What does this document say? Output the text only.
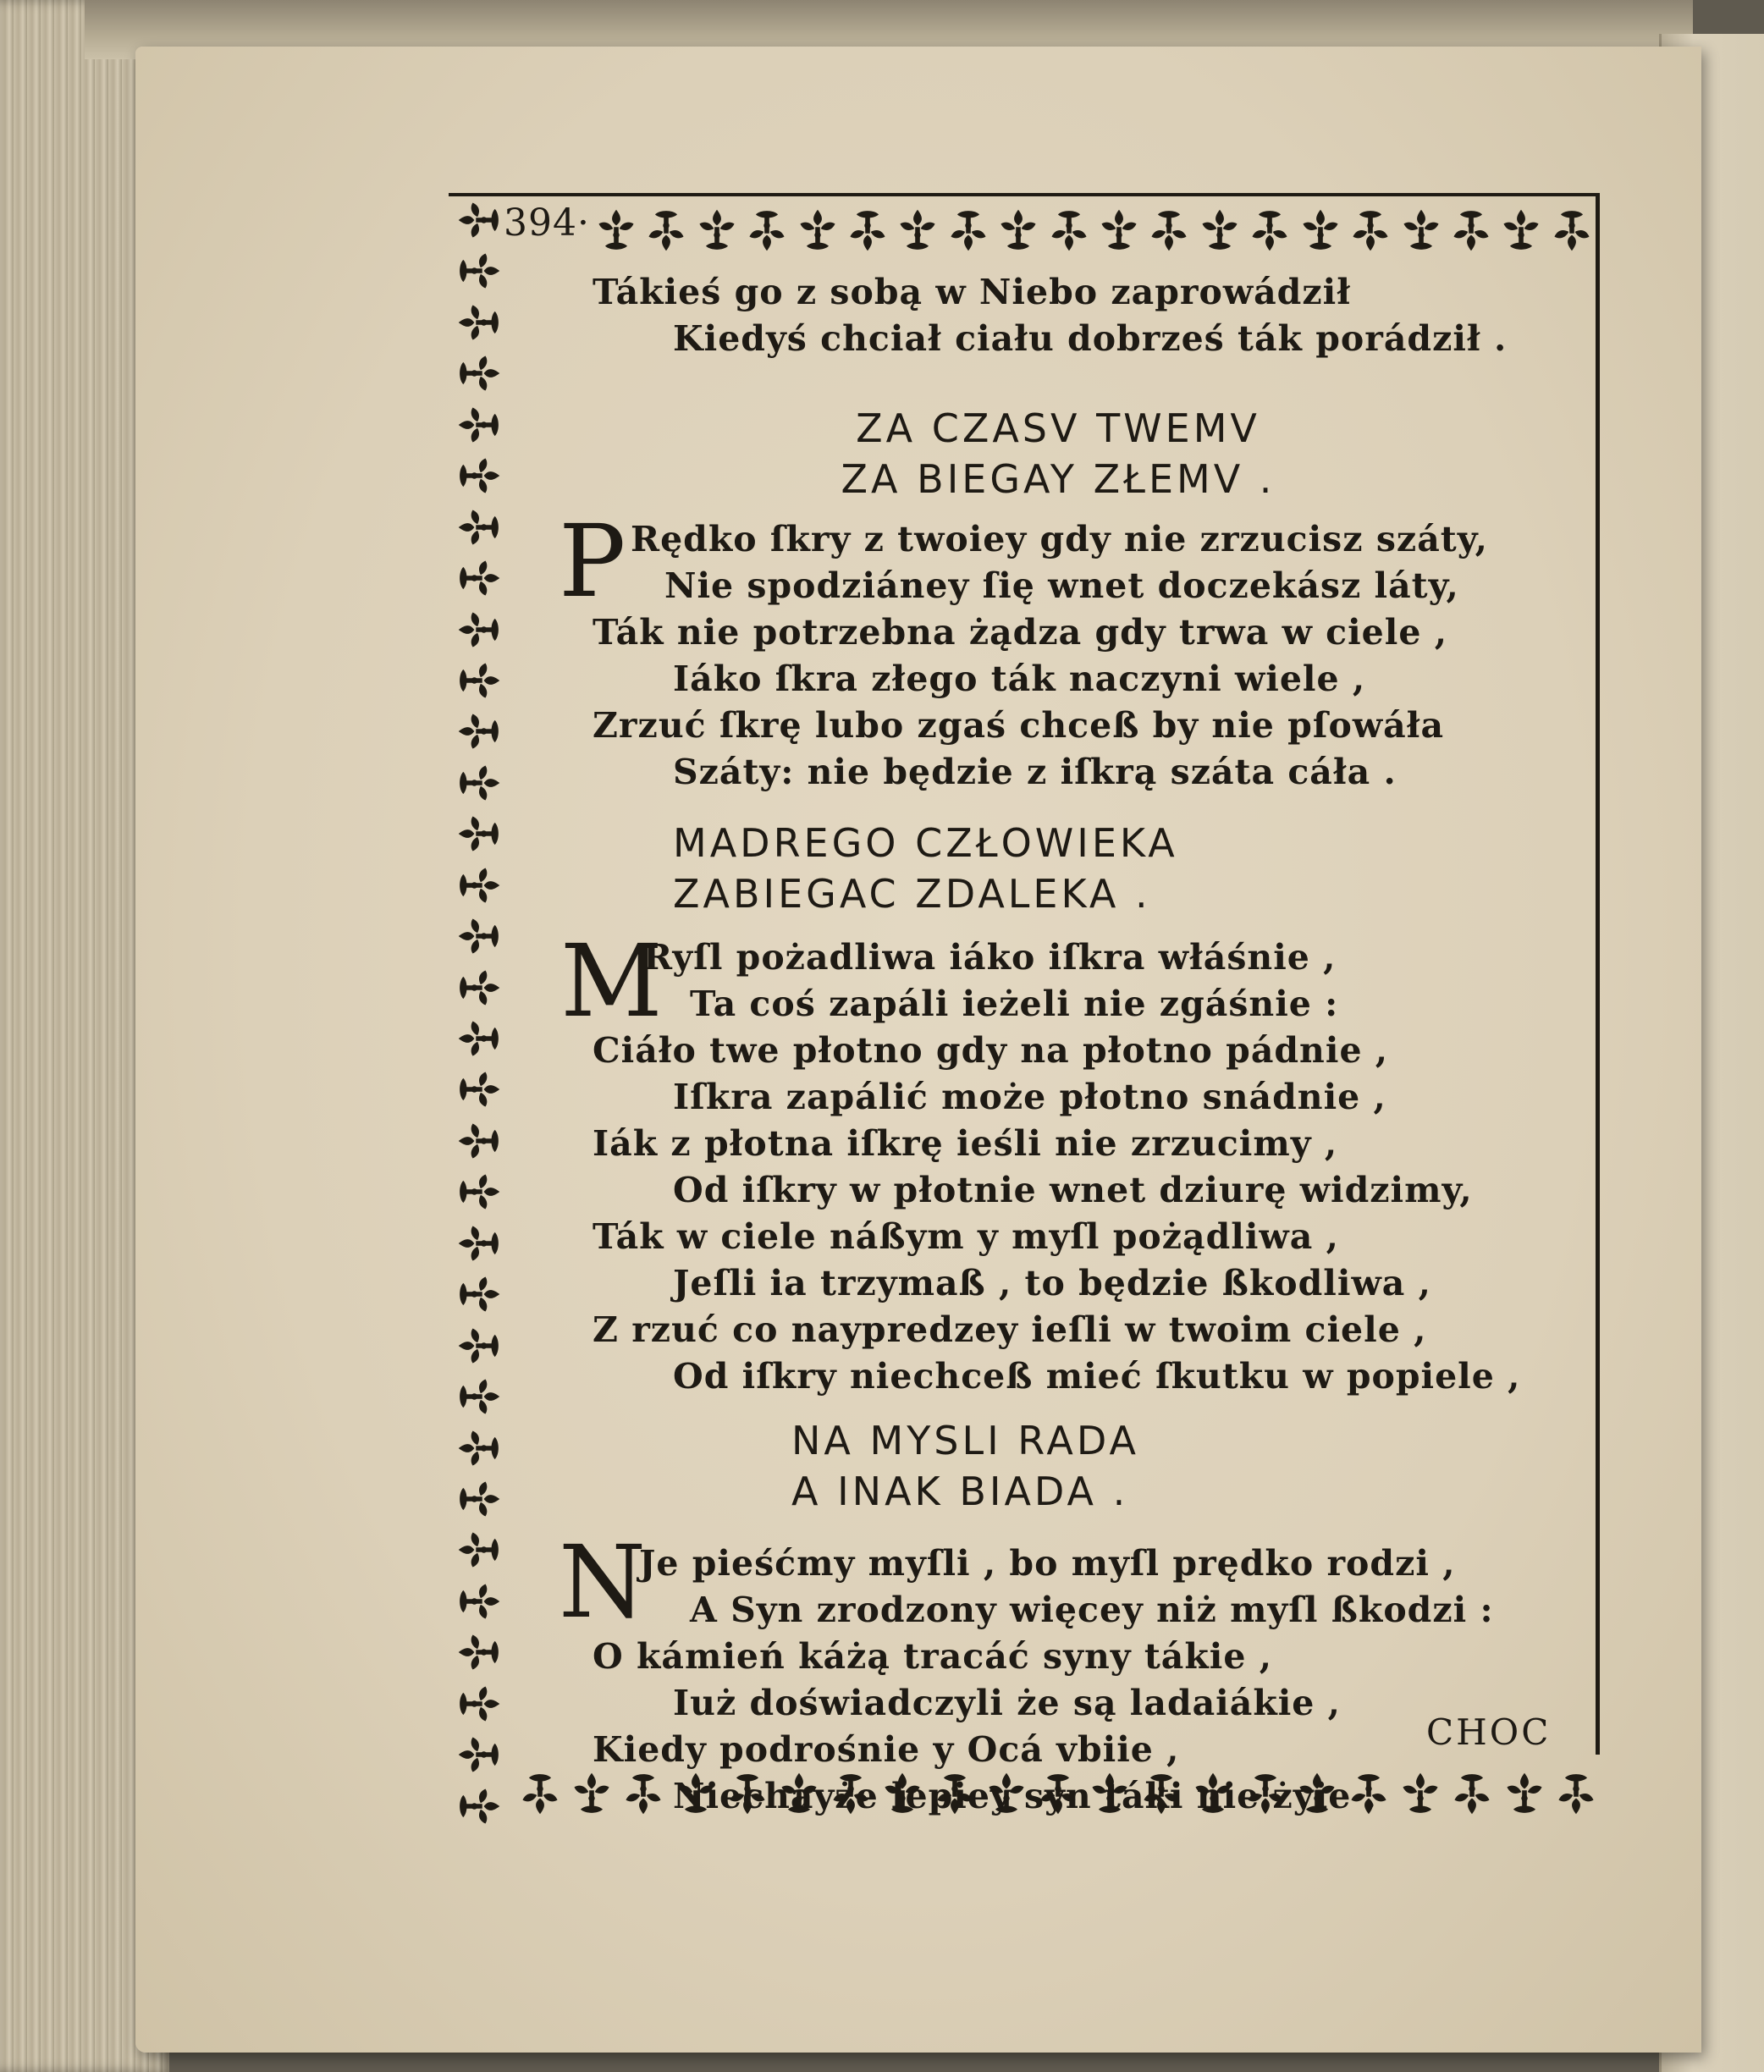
394·
Tákieś go z sobą w Niebo zaprowádził
Kiedyś chciał ciału dobrześ ták porádził .
ZA CZASV TWEMV
ZA BIEGAY ZŁEMV .
P Rędko ſkry z twoiey gdy nie zrzucisz száty,
Nie spodziáney ſię wnet doczekász láty,
Ták nie potrzebna żądza gdy trwa w ciele ,
Iáko ſkra złego ták naczyni wiele ,
Zrzuć ſkrę lubo zgaś chceß by nie pſowáła
Száty: nie będzie z iſkrą száta cáła .
MADREGO CZŁOWIEKA
ZABIEGAC ZDALEKA .
M
Ryſl pożadliwa iáko iſkra włáśnie ,
Ta coś zapáli ieżeli nie zgáśnie :
Ciáło twe płotno gdy na płotno pádnie ,
Iſkra zapálić może płotno snádnie ,
Iák z płotna iſkrę ieśli nie zrzucimy ,
Od iſkry w płotnie wnet dziurę widzimy,
Ták w ciele náßym y myſl pożądliwa ,
Jeſli ia trzymaß , to będzie ßkodliwa ,
Z rzuć co naypredzey ieſli w twoim ciele ,
Od iſkry niechceß mieć ſkutku w popiele ,
NA MYSLI RADA
A INAK BIADA .
N
Je pieśćmy myſli , bo myſl prędko rodzi ,
A Syn zrodzony więcey niż myſl ßkodzi :
O kámień káżą tracáć syny tákie ,
Iuż doświadczyli że są ladaiákie ,
Kiedy podrośnie y Ocá vbiie ,
Niechayże lepiey syn táki nie żyie .
CHOC
